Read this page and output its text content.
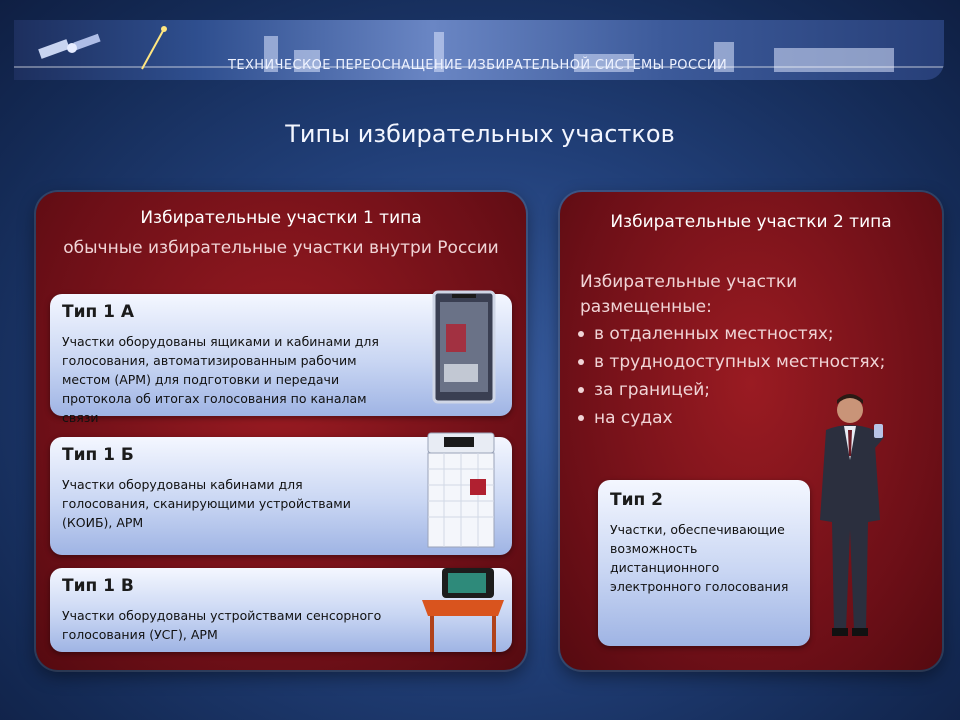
ТЕХНИЧЕСКОЕ ПЕРЕОСНАЩЕНИЕ ИЗБИРАТЕЛЬНОЙ СИСТЕМЫ РОССИИ
Типы избирательных участков
Избирательные участки 1 типа
обычные избирательные участки внутри России
Тип 1 А
Участки оборудованы ящиками и кабинами для голосования, автоматизированным рабочим местом (АРМ) для подготовки и передачи протокола об итогах голосования по каналам связи
Тип 1 Б
Участки оборудованы кабинами для голосования, сканирующими устройствами (КОИБ), АРМ
Тип 1 В
Участки оборудованы устройствами сенсорного голосования (УСГ), АРМ
Избирательные участки 2 типа
Избирательные участки размещенные:
в отдаленных местностях;
в труднодоступных местностях;
за границей;
на судах
Тип 2
Участки, обеспечивающие возможность дистанционного электронного голосования
